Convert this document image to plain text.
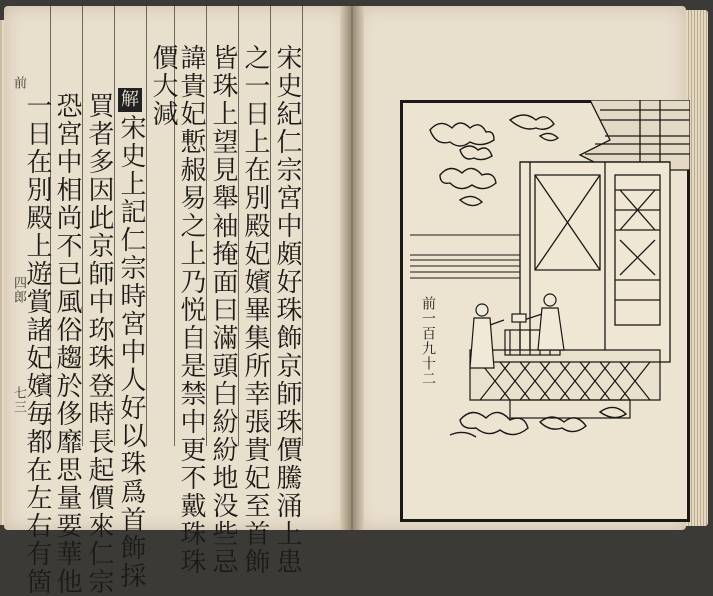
前
四郎
七三	宋史紀仁宗宮中頗好珠飾京師珠價騰涌上患
之一日上在別殿妃嬪畢集所幸張貴妃至首飾
皆珠上望見舉袖掩面曰滿頭白紛紛地没些忌
諱貴妃慙赧易之上乃悦自是禁中更不戴珠珠
價大減
解
宋史上記仁宗時宮中人好以珠爲首飾採
買者多因此京師中珎珠登時長起價來仁宗
恐宮中相尚不已風俗趨於侈靡思量要華他
一日在別殿上遊賞諸妃嬪毎都在左右有箇	前一百九十二
